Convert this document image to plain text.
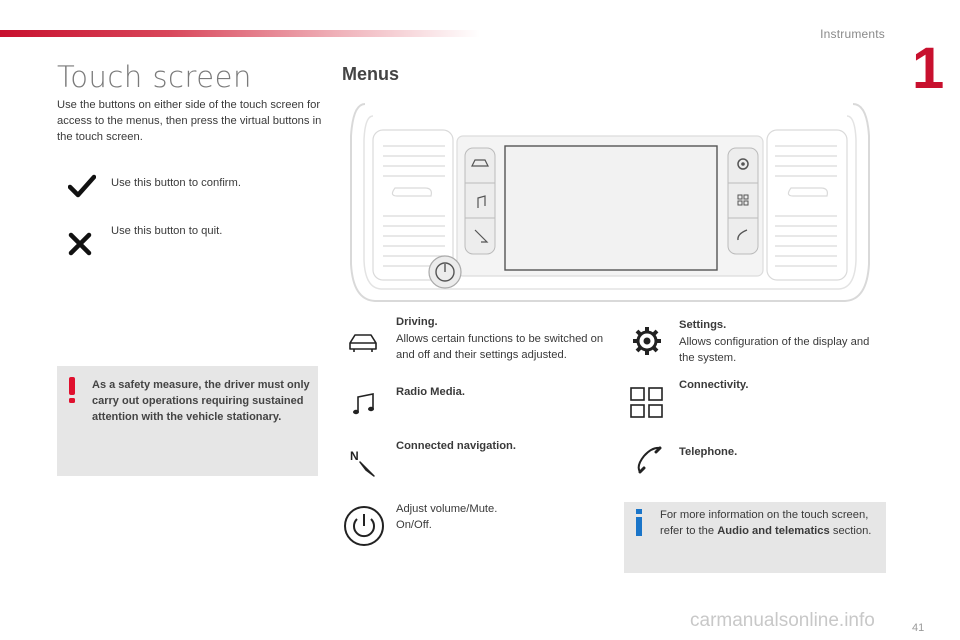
Instruments
1
Touch screen
Use the buttons on either side of the touch screen for access to the menus, then press the virtual buttons in the touch screen.
Use this button to confirm.
Use this button to quit.
As a safety measure, the driver must only carry out operations requiring sustained attention with the vehicle stationary.
Menus
Driving.
Allows certain functions to be switched on and off and their settings adjusted.
Radio Media.
N
Connected navigation.
Adjust volume/Mute.
On/Off.
Settings.
Allows configuration of the display and the system.
Connectivity.
Telephone.
For more information on the touch screen, refer to the Audio and telematics section.
carmanualsonline.info	41
